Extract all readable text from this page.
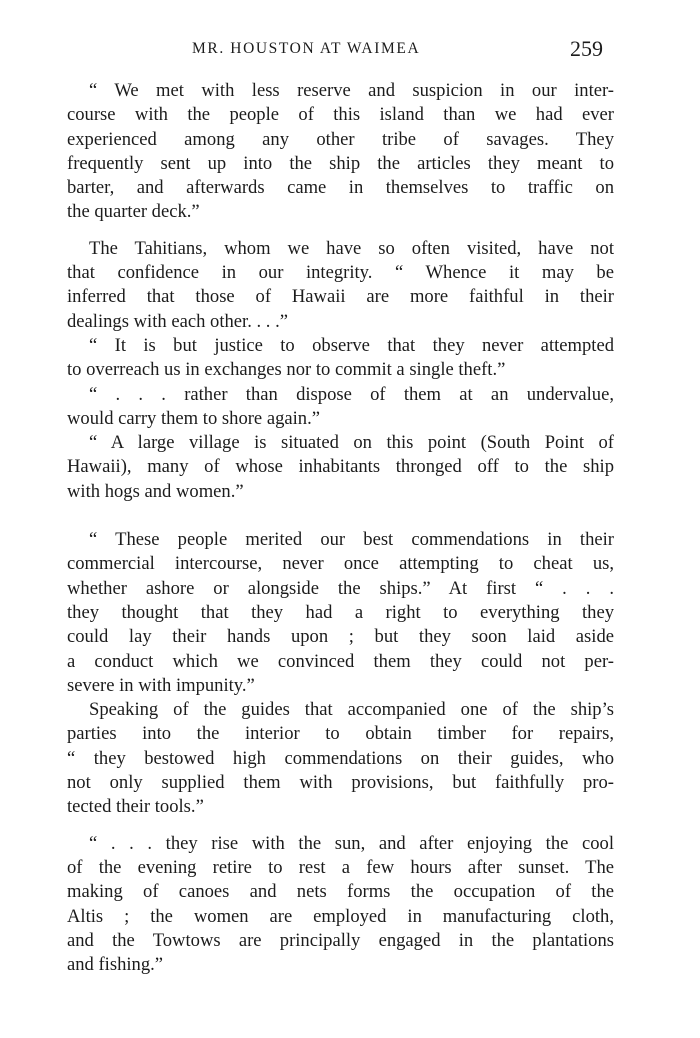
MR. HOUSTON AT WAIMEA	259
“ We met with less reserve and suspicion in our inter-
course with the people of this island than we had ever
experienced among any other tribe of savages. They
frequently sent up into the ship the articles they meant to
barter, and afterwards came in themselves to traffic on
the quarter deck.”
The Tahitians, whom we have so often visited, have not
that confidence in our integrity. “ Whence it may be
inferred that those of Hawaii are more faithful in their
dealings with each other. . . .”
“ It is but justice to observe that they never attempted
to overreach us in exchanges nor to commit a single theft.”
“ . . . rather than dispose of them at an undervalue,
would carry them to shore again.”
“ A large village is situated on this point (South Point of
Hawaii), many of whose inhabitants thronged off to the ship
with hogs and women.”
“ These people merited our best commendations in their
commercial intercourse, never once attempting to cheat us,
whether ashore or alongside the ships.” At first “ . . .
they thought that they had a right to everything they
could lay their hands upon ; but they soon laid aside
a conduct which we convinced them they could not per-
severe in with impunity.”
Speaking of the guides that accompanied one of the ship’s
parties into the interior to obtain timber for repairs,
“ they bestowed high commendations on their guides, who
not only supplied them with provisions, but faithfully pro-
tected their tools.”
“ . . . they rise with the sun, and after enjoying the cool
of the evening retire to rest a few hours after sunset. The
making of canoes and nets forms the occupation of the
Altis ; the women are employed in manufacturing cloth,
and the Towtows are principally engaged in the plantations
and fishing.”
